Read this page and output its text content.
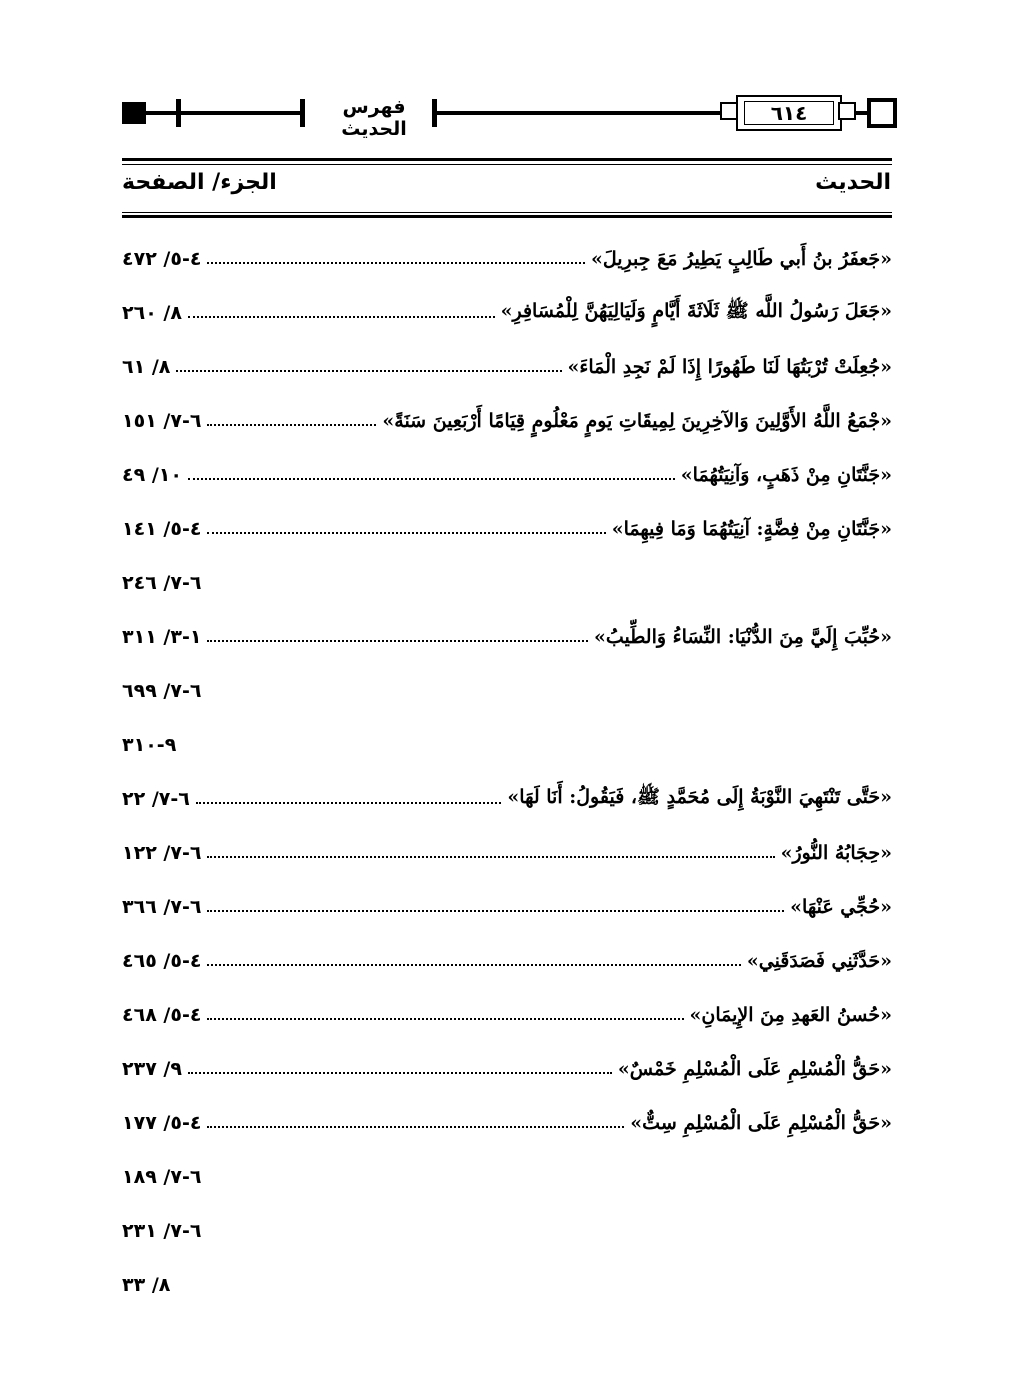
فهرس الحديث
٦١٤
الحديث
الجزء/ الصفحة
«جَعفَرُ بنُ أَبي طَالِبٍ يَطِيرُ مَعَ جِبرِيلَ»
٤-٥/ ٤٧٢
«جَعَلَ رَسُولُ اللَّه ﷺ ثَلَاثَةَ أَيَّامٍ وَلَيَالِيَهُنَّ لِلْمُسَافِرِ»
٨/ ٢٦٠
«جُعِلَتْ تُرْبَتُهَا لَنَا طَهُورًا إِذَا لَمْ نَجِدِ الْمَاءَ»
٨/ ٦١
«جْمَعُ اللَّهُ الأَوَّلِينَ وَالآخِرِينَ لِمِيقَاتِ يَومٍ مَعْلُومٍ قِيَامًا أَرْبَعِينَ سَنَةً»
٦-٧/ ١٥١
«جَنَّتَانِ مِنْ ذَهَبٍ، وَآنِيَتُهُمَا»
١٠/ ٤٩
«جَنَّتَانِ مِنْ فِضَّةٍ: آنِيَتُهُمَا وَمَا فِيهِمَا»
٤-٥/ ١٤١
٦-٧/ ٢٤٦
«حُبِّبَ إِلَيَّ مِنَ الدُّنْيَا: النِّسَاءُ وَالطِّيبُ»
١-٣/ ٣١١
٦-٧/ ٦٩٩
٩-٣١٠
«حَتَّى تَنْتَهِيَ النَّوْبَةُ إِلَى مُحَمَّدٍ ﷺ، فَيَقُولُ: أَنَا لَهَا»
٦-٧/ ٢٢
«حِجَابُهُ النُّورُ»
٦-٧/ ١٢٢
«حُجِّي عَنْهَا»
٦-٧/ ٣٦٦
«حَدَّثَنِي فَصَدَقَنِي»
٤-٥/ ٤٦٥
«حُسنُ العَهدِ مِنَ الإِيمَانِ»
٤-٥/ ٤٦٨
«حَقُّ الْمُسْلِمِ عَلَى الْمُسْلِمِ خَمْسٌ»
٩/ ٢٣٧
«حَقُّ الْمُسْلِمِ عَلَى الْمُسْلِمِ سِتٌّ»
٤-٥/ ١٧٧
٦-٧/ ١٨٩
٦-٧/ ٢٣١
٨/ ٣٣
